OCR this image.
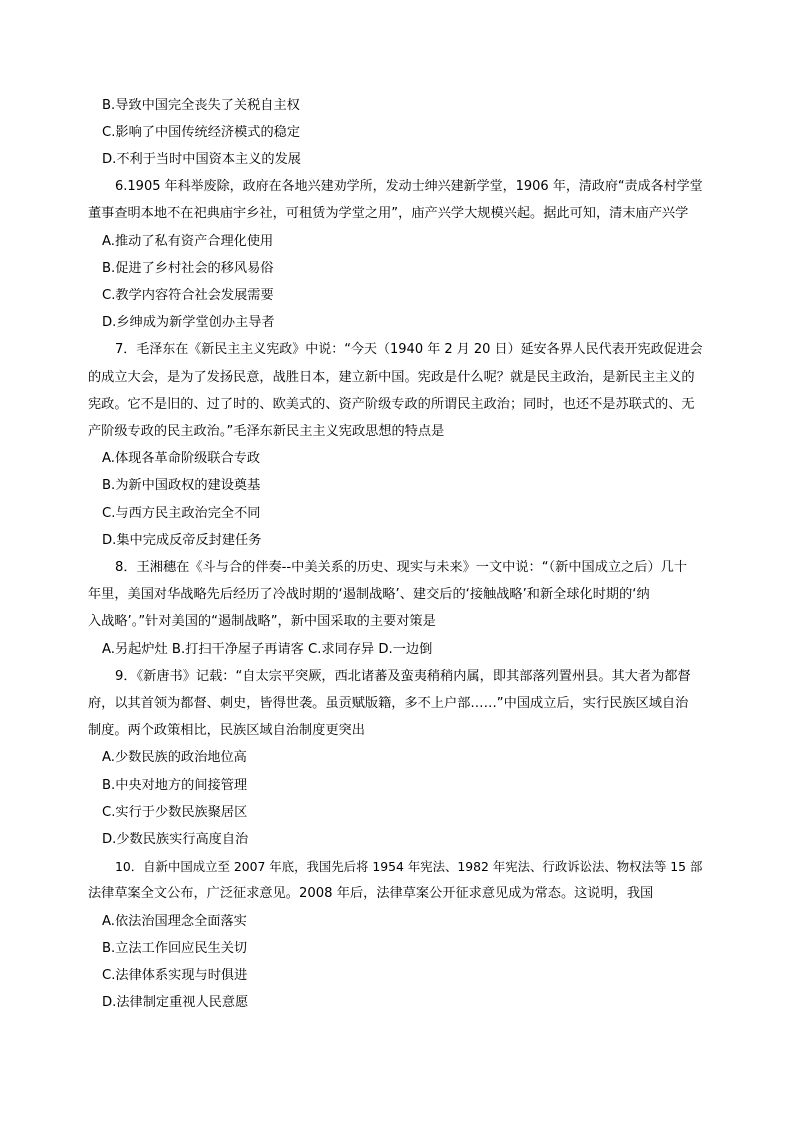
B.导致中国完全丧失了关税自主权
C.影响了中国传统经济模式的稳定
D.不利于当时中国资本主义的发展
6.1905 年科举废除，政府在各地兴建劝学所，发动士绅兴建新学堂，1906 年，清政府“责成各村学堂
董事查明本地不在祀典庙宇乡社，可租赁为学堂之用”，庙产兴学大规模兴起。据此可知，清末庙产兴学
A.推动了私有资产合理化使用
B.促进了乡村社会的移风易俗
C.教学内容符合社会发展需要
D.乡绅成为新学堂创办主导者
7．毛泽东在《新民主主义宪政》中说：“今天（1940 年 2 月 20 日）延安各界人民代表开宪政促进会
的成立大会，是为了发扬民意，战胜日本，建立新中国。宪政是什么呢？就是民主政治，是新民主主义的
宪政。它不是旧的、过了时的、欧美式的、资产阶级专政的所谓民主政治；同时，也还不是苏联式的、无
产阶级专政的民主政治。”毛泽东新民主主义宪政思想的特点是
A.体现各革命阶级联合专政
B.为新中国政权的建设奠基
C.与西方民主政治完全不同
D.集中完成反帝反封建任务
8．王湘穗在《斗与合的伴奏--中美关系的历史、现实与未来》一文中说：“（新中国成立之后）几十
年里，美国对华战略先后经历了冷战时期的‘遏制战略’、建交后的‘接触战略’和新全球化时期的‘纳
入战略’。”针对美国的“遏制战略”，新中国采取的主要对策是
A.另起炉灶 B.打扫干净屋子再请客 C.求同存异 D.一边倒
9．《新唐书》记载：“自太宗平突厥，西北诸蕃及蛮夷稍稍内属，即其部落列置州县。其大者为都督
府，以其首领为都督、刺史，皆得世袭。虽贡赋版籍，多不上户部……”中国成立后，实行民族区域自治
制度。两个政策相比，民族区域自治制度更突出
A.少数民族的政治地位高
B.中央对地方的间接管理
C.实行于少数民族聚居区
D.少数民族实行高度自治
10．自新中国成立至 2007 年底，我国先后将 1954 年宪法、1982 年宪法、行政诉讼法、物权法等 15 部
法律草案全文公布，广泛征求意见。2008 年后，法律草案公开征求意见成为常态。这说明，我国
A.依法治国理念全面落实
B.立法工作回应民生关切
C.法律体系实现与时俱进
D.法律制定重视人民意愿
